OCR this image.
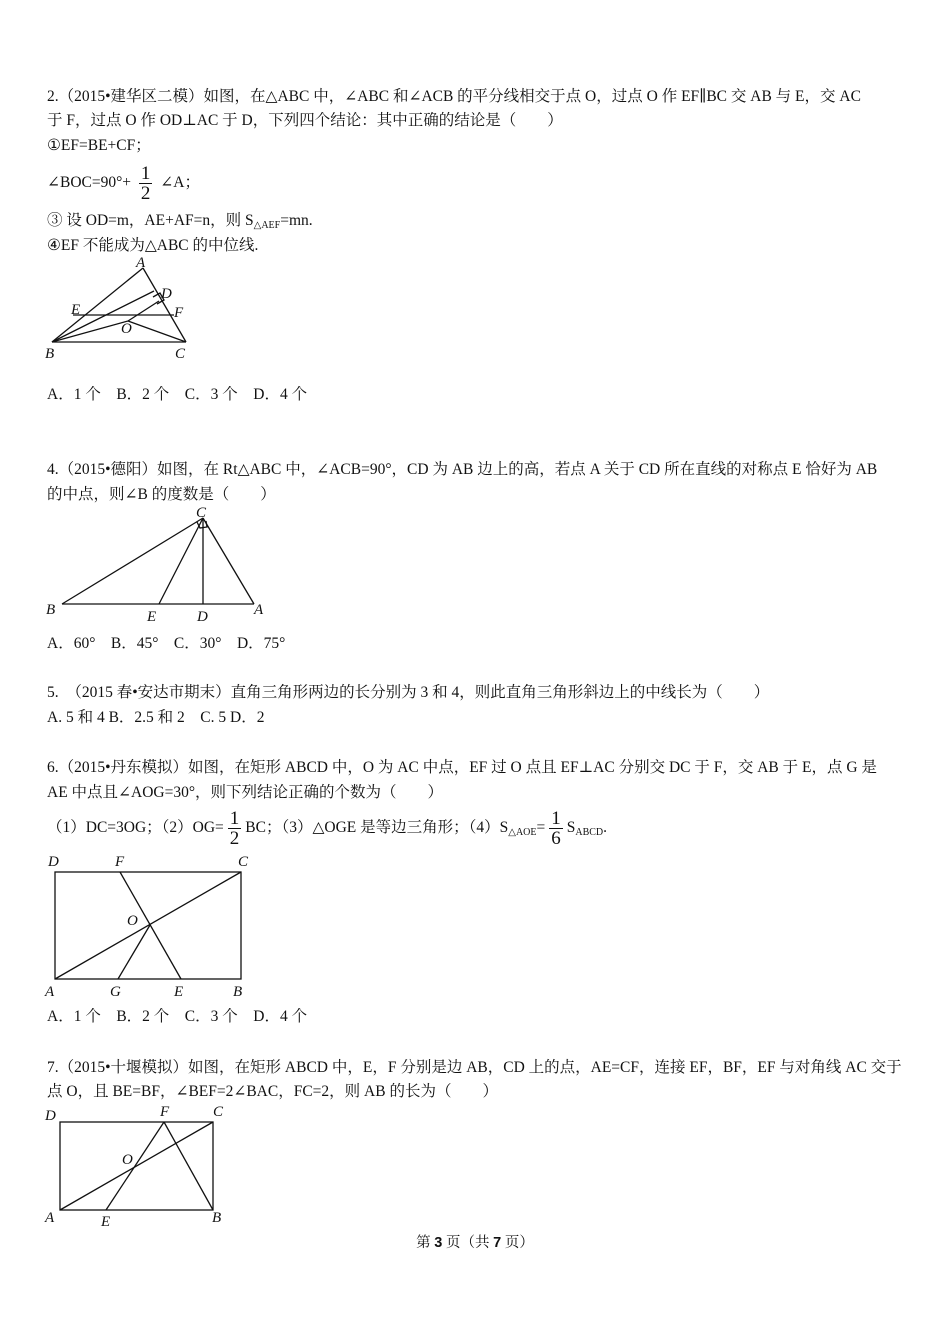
2.（2015•建华区二模）如图，在△ABC 中，∠ABC 和∠ACB 的平分线相交于点 O，过点 O 作 EF∥BC 交 AB 与 E，交 AC
于 F，过点 O 作 OD⊥AC 于 D，下列四个结论：其中正确的结论是（　　）
①EF=BE+CF；
∠BOC=90°+ $\frac{1}{2}$ ∠A；
③ 设 OD=m，AE+AF=n，则 $S_{\triangle AEF}=mn$.
④EF 不能成为△ABC 的中位线.
A
D
E	F
O
B	C
A．1 个　B．2 个　C．3 个　D．4 个
4.（2015•德阳）如图，在 Rt△ABC 中，∠ACB=90°，CD 为 AB 边上的高，若点 A 关于 CD 所在直线的对称点 E 恰好为 AB
的中点，则∠B 的度数是（　　）
C
B	E	D	A
A．60°　B．45°　C．30°　D．75°
5.　（2015 春•安达市期末）直角三角形两边的长分别为 3 和 4，则此直角三角形斜边上的中线长为（　　）
A. 5 和 4 B．2.5 和 2　C. 5 D．2
6.（2015•丹东模拟）如图，在矩形 ABCD 中，O 为 AC 中点，EF 过 O 点且 EF⊥AC 分别交 DC 于 F，交 AB 于 E，点 G 是
AE 中点且∠AOG=30°，则下列结论正确的个数为（　　）
（1）DC=3OG；$(2)OG= \frac{1}{2}$ BC；（3）△OGE 是等边三角形；$(4)S_{\triangle AOE}= \frac{1}{6} S_{ABCD}$.
D	F	C
O
A	G	E	B
A．1 个　B．2 个　C．3 个　D．4 个
7.（2015•十堰模拟）如图，在矩形 ABCD 中，E，F 分别是边 AB，CD 上的点，AE=CF，连接 EF，BF，EF 与对角线 AC 交于
点 O，且 BE=BF，∠BEF=2∠BAC，FC=2，则 AB 的长为（　　）
D	F	C
O
A	E	B
第 3 页（共 7 页）
